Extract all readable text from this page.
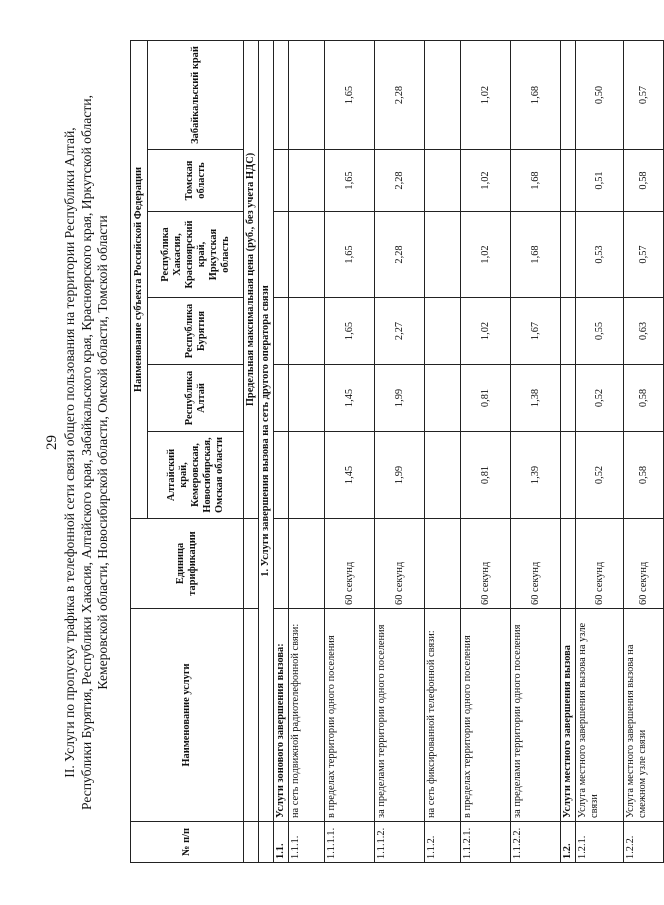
29 II. Услуги по пропуску трафика в телефонной сети связи общего пользования на территории Республики Алтай, Республики Бурятия, Республики Хакасия, Алтайского края, Забайкальского края, Красноярского края, Иркутской области, Кемеровской области, Новосибирской области, Омской области, Томской области
№ п/п	Наименование услуги	Единица тарификации	Наименование субъекта Российской Федерации					
			Алтайский край, Кемеровская, Новосибирская, Омская области	Республика Алтай	Республика Бурятия	Республика Хакасия, Красноярский край, Иркутская область	Томская область	Забайкальский край
			Предельная максимальная цена (руб., без учета НДС)					
	1. Услуги завершения вызова на сеть другого оператора связи							
1.1.	Услуги зонового завершения вызова:							
1.1.1.	на сеть подвижной радиотелефонной связи:							
1.1.1.1.	в пределах территории одного поселения	60 секунд	1,45	1,45	1,65	1,65	1,65	1,65
1.1.1.2.	за пределами территории одного поселения	60 секунд	1,99	1,99	2,27	2,28	2,28	2,28
1.1.2.	на сеть фиксированной телефонной связи:							
1.1.2.1.	в пределах территории одного поселения	60 секунд	0,81	0,81	1,02	1,02	1,02	1,02
1.1.2.2.	за пределами территории одного поселения	60 секунд	1,39	1,38	1,67	1,68	1,68	1,68
1.2.	Услуги местного завершения вызова							
1.2.1.	Услуга местного завершения вызова на узле связи	60 секунд	0,52	0,52	0,55	0,53	0,51	0,50
1.2.2.	Услуга местного завершения вызова на смежном узле связи	60 секунд	0,58	0,58	0,63	0,57	0,58	0,57
